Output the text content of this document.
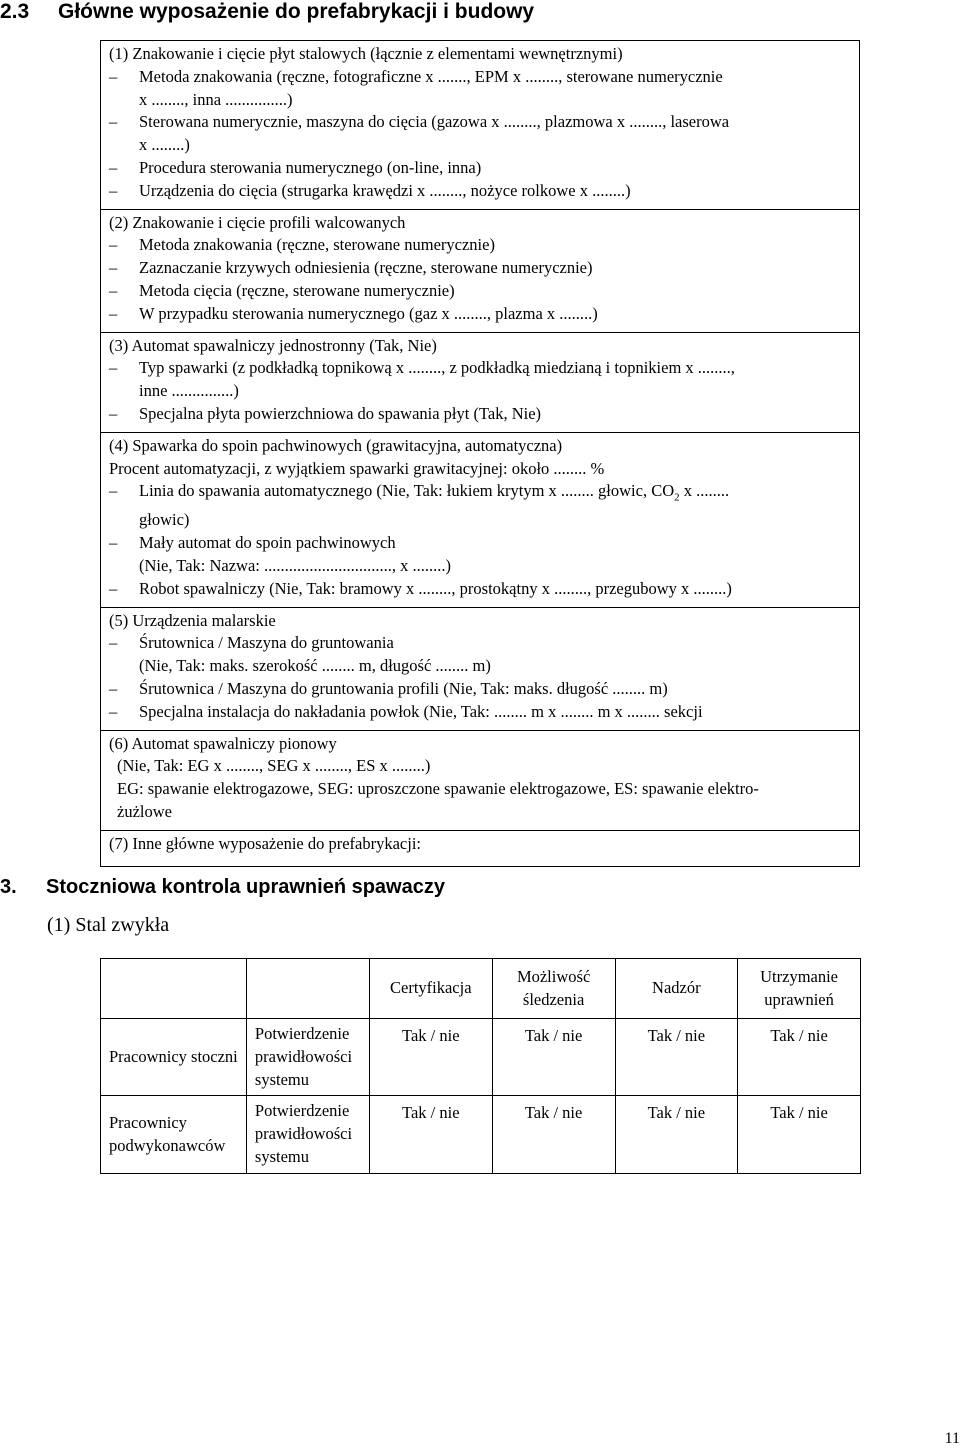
2.3 Główne wyposażenie do prefabrykacji i budowy
(1) Znakowanie i cięcie płyt stalowych (łącznie z elementami wewnętrznymi)
–	Metoda znakowania (ręczne, fotograficzne x ......., EPM x ........, sterowane numerycznie
x ........, inna ...............)
–	Sterowana numerycznie, maszyna do cięcia (gazowa x ........, plazmowa x ........, laserowa
x ........)
–	Procedura sterowania numerycznego (on-line, inna)
–	Urządzenia do cięcia (strugarka krawędzi x ........, nożyce rolkowe x ........)
(2) Znakowanie i cięcie profili walcowanych
–	Metoda znakowania (ręczne, sterowane numerycznie)
–	Zaznaczanie krzywych odniesienia (ręczne, sterowane numerycznie)
–	Metoda cięcia (ręczne, sterowane numerycznie)
–	W przypadku sterowania numerycznego (gaz x ........, plazma x ........)
(3) Automat spawalniczy jednostronny (Tak, Nie)
–	Typ spawarki (z podkładką topnikową x ........, z podkładką miedzianą i topnikiem x ........,
inne ...............)
–	Specjalna płyta powierzchniowa do spawania płyt (Tak, Nie)
(4) Spawarka do spoin pachwinowych (grawitacyjna, automatyczna)
Procent automatyzacji, z wyjątkiem spawarki grawitacyjnej: około ........ %
–	Linia do spawania automatycznego (Nie, Tak: łukiem krytym x ........ głowic, $CO_2$ x ........
głowic)
–	Mały automat do spoin pachwinowych
(Nie, Tak: Nazwa: ..............................., x ........)
–	Robot spawalniczy (Nie, Tak: bramowy x ........, prostokątny x ........, przegubowy x ........)
(5) Urządzenia malarskie
–	Śrutownica / Maszyna do gruntowania
(Nie, Tak: maks. szerokość ........ m, długość ........ m)
–	Śrutownica / Maszyna do gruntowania profili (Nie, Tak: maks. długość ........ m)
–	Specjalna instalacja do nakładania powłok (Nie, Tak: ........ m x ........ m x ........ sekcji
(6) Automat spawalniczy pionowy
(Nie, Tak: EG x ........, SEG x ........, ES x ........)
EG: spawanie elektrogazowe, SEG: uproszczone spawanie elektrogazowe, ES: spawanie elektro-
żużlowe
(7) Inne główne wyposażenie do prefabrykacji:
3. Stoczniowa kontrola uprawnień spawaczy
(1) Stal zwykła
		Certyfikacja	Możliwość śledzenia	Nadzór	Utrzymanie uprawnień
Pracownicy stoczni	Potwierdzenie prawidłowości systemu	Tak / nie	Tak / nie	Tak / nie	Tak / nie
Pracownicy podwykonawców	Potwierdzenie prawidłowości systemu	Tak / nie	Tak / nie	Tak / nie	Tak / nie
11
